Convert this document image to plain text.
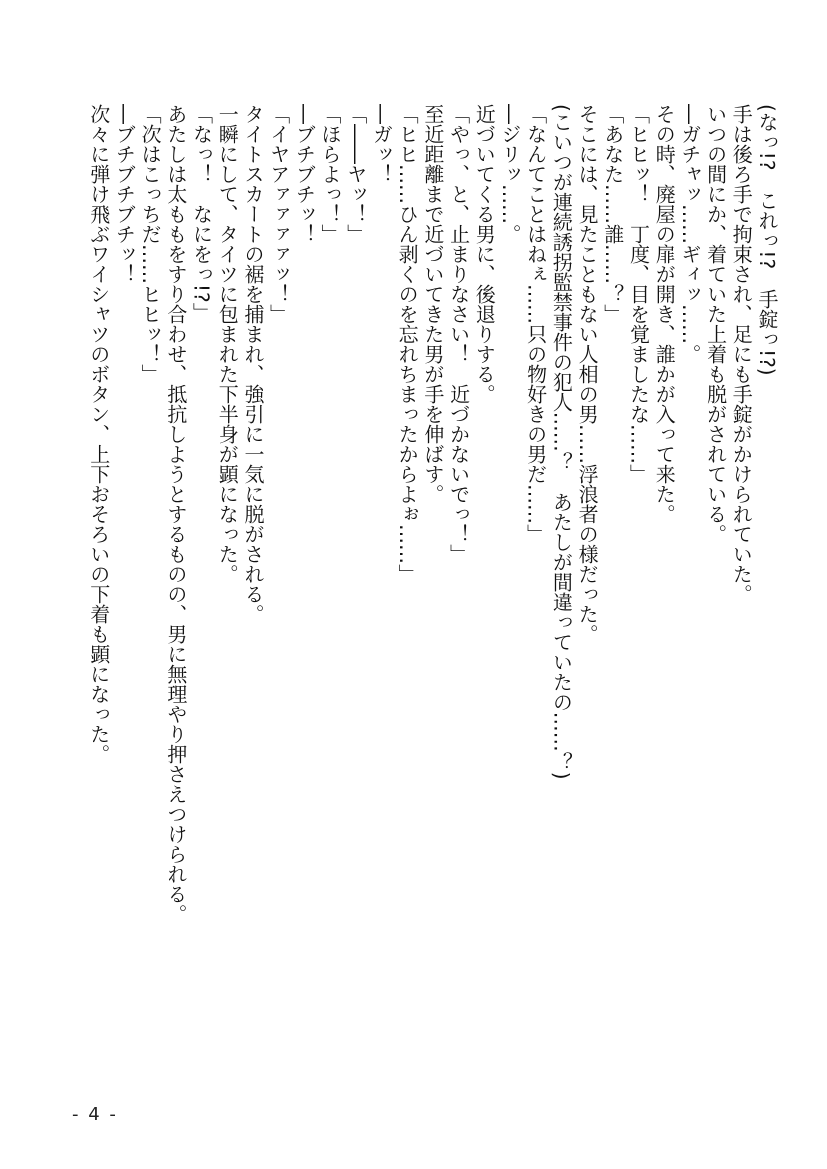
(なっ!?　これっ!?　手錠っ!?)
手は後ろ手で拘束され、足にも手錠がかけられていた。
いつの間にか、着ていた上着も脱がされている。
―ガチャッ……ギィッ……。
その時、廃屋の扉が開き、誰かが入って来た。
「ヒヒッ！　丁度、目を覚ましたな……」
「あなた……誰……？」
そこには、見たこともない人相の男……浮浪者の様だった。
(こいつが連続誘拐監禁事件の犯人……？　あたしが間違っていたの……？)
「なんてことはねぇ……只の物好きの男だ……」
―ジリッ……。
近づいてくる男に、後退りする。
「やっ、と、止まりなさい！　近づかないでっ！」
至近距離まで近づいてきた男が手を伸ばす。
「ヒヒ……ひん剥くのを忘れちまったからよぉ……」
―ガッ！
「――ヤッ！」
「ほらよっ！」
―ブチブチッ！
「イヤアァァァァッ！」
タイトスカートの裾を捕まれ、強引に一気に脱がされる。
一瞬にして、タイツに包まれた下半身が顕になった。
「なっ！　なにをっ!?」
あたしは太ももをすり合わせ、抵抗しようとするものの、男に無理やり押さえつけられる。
「次はこっちだ……ヒヒッ！」
―ブチブチブチッ！
次々に弾け飛ぶワイシャツのボタン、上下おそろいの下着も顕になった。
- 4 -
